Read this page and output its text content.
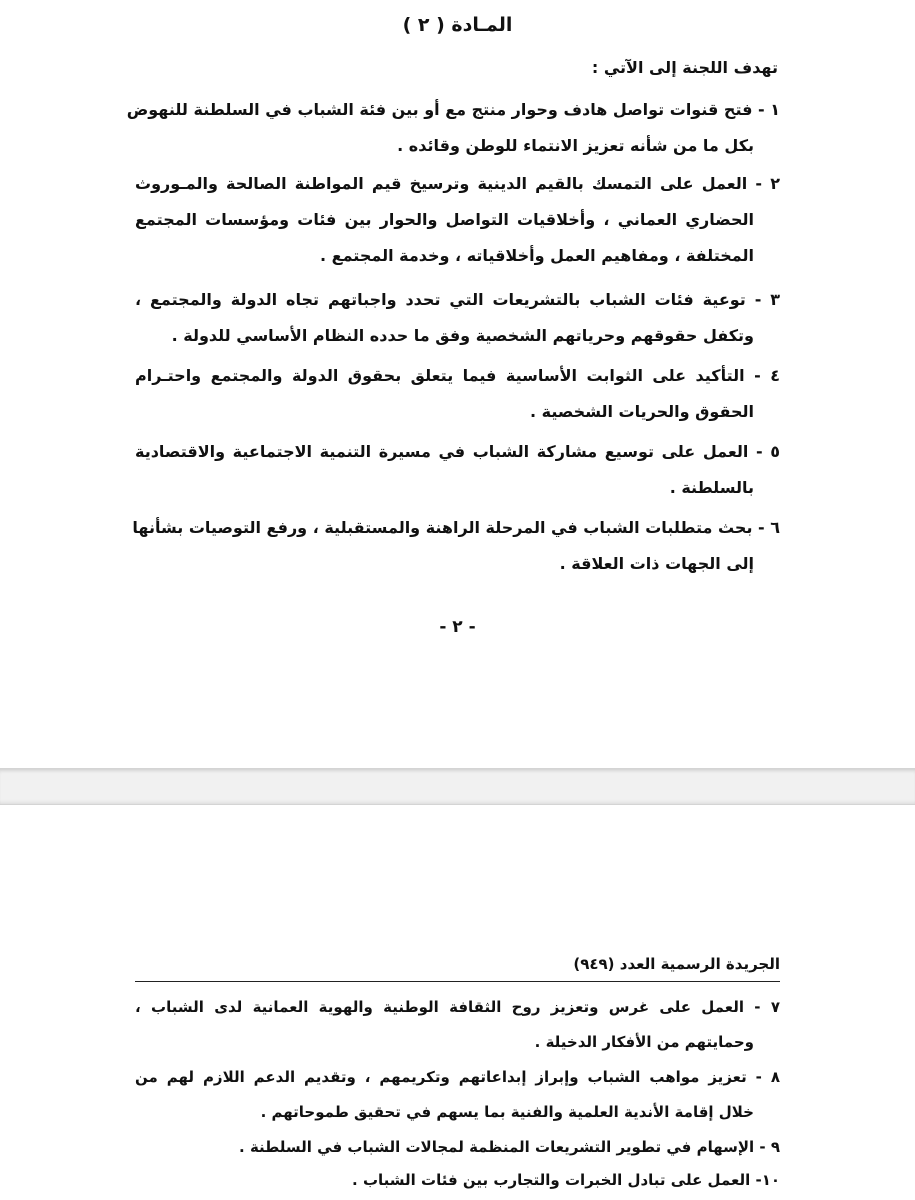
المـادة ( ٢ )
تهدف اللجنة إلى الآتي :
١ - فتح قنوات تواصل هادف وحوار منتج مع أو بين فئة الشباب في السلطنة للنهوض
بكل ما من شأنه تعزيز الانتماء للوطن وقائده .
٢ - العمل على التمسك بالقيم الدينية وترسيخ قيم المواطنة الصالحة والمـوروث
الحضاري العماني ، وأخلاقيات التواصل والحوار بين فئات ومؤسسات المجتمع
المختلفة ، ومفاهيم العمل وأخلاقياته ، وخدمة المجتمع .
٣ - توعية فئات الشباب بالتشريعات التي تحدد واجباتهم تجاه الدولة والمجتمع ،
وتكفل حقوقهم وحرياتهم الشخصية وفق ما حدده النظام الأساسي للدولة .
٤ - التأكيد على الثوابت الأساسية فيما يتعلق بحقوق الدولة والمجتمع واحتـرام
الحقوق والحريات الشخصية .
٥ - العمل على توسيع مشاركة الشباب في مسيرة التنمية الاجتماعية والاقتصادية
بالسلطنة .
٦ - بحث متطلبات الشباب في المرحلة الراهنة والمستقبلية ، ورفع التوصيات بشأنها
إلى الجهات ذات العلاقة .
- ٢ -
الجريدة الرسمية العدد (٩٤٩)
٧ - العمل على غرس وتعزيز روح الثقافة الوطنية والهوية العمانية لدى الشباب ،
وحمايتهم من الأفكار الدخيلة .
٨ - تعزيز مواهب الشباب وإبراز إبداعاتهم وتكريمهم ، وتقديم الدعم اللازم لهم من
خلال إقامة الأندية العلمية والفنية بما يسهم في تحقيق طموحاتهم .
٩ - الإسهام في تطوير التشريعات المنظمة لمجالات الشباب في السلطنة .
١٠- العمل على تبادل الخبرات والتجارب بين فئات الشباب .
